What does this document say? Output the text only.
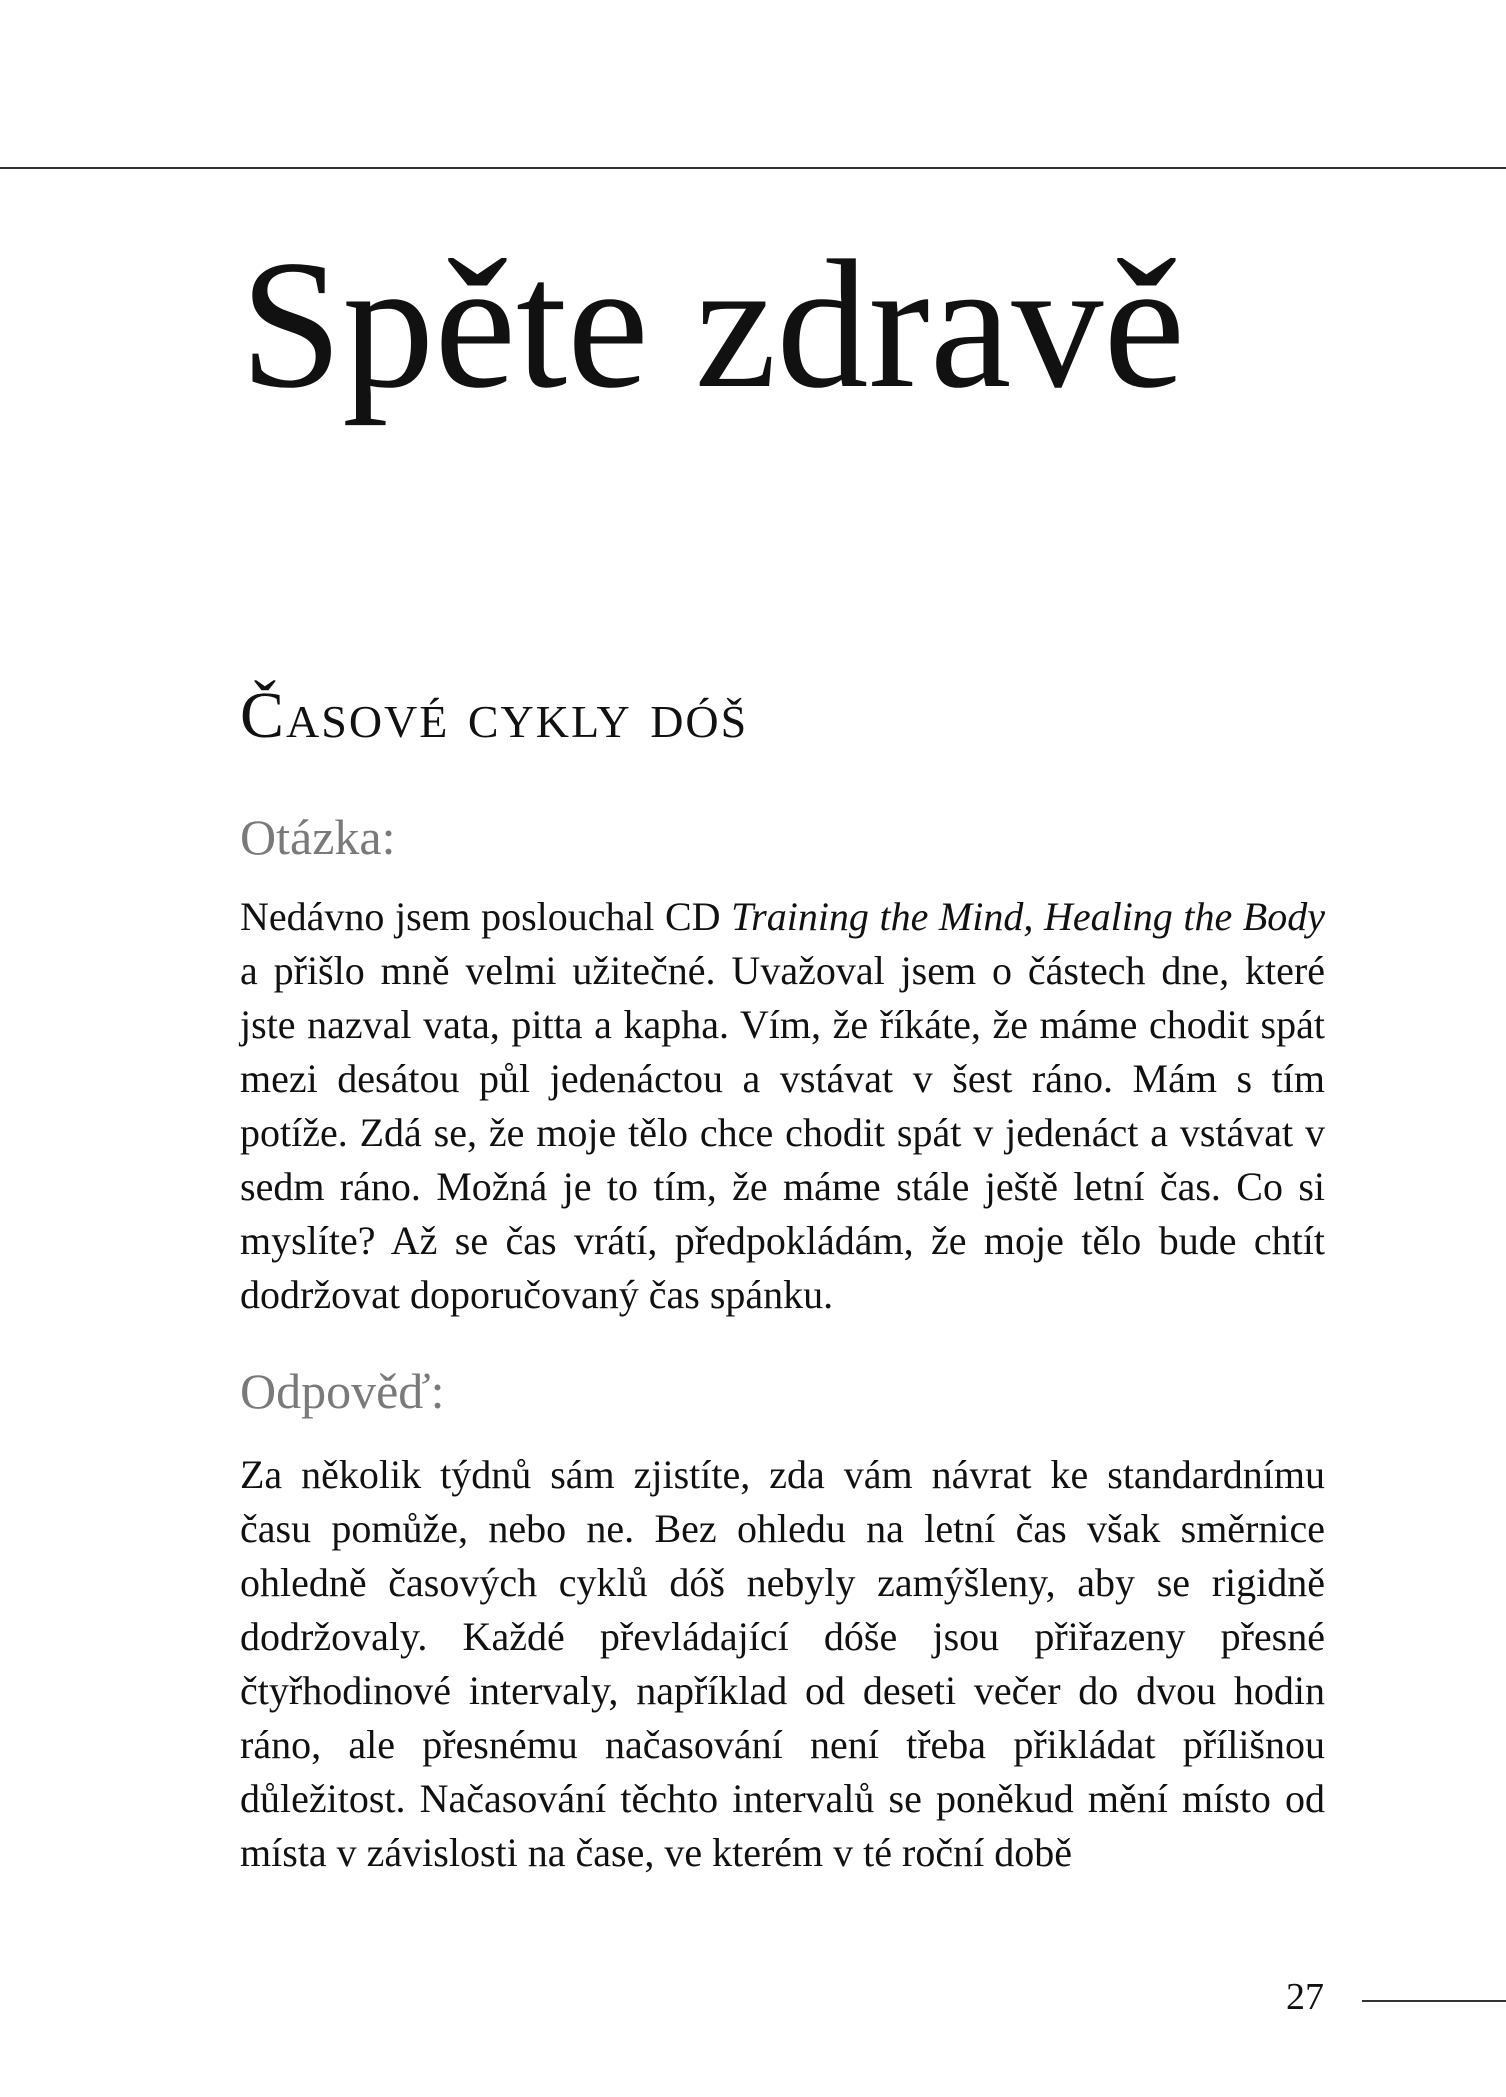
Spěte zdravě
Časové cykly dóš
Otázka:

Nedávno jsem poslouchal CD Training the Mind, Healing the Body a přišlo mně velmi užitečné. Uvažoval jsem o částech dne, které jste nazval vata, pitta a kapha. Vím, že říkáte, že máme chodit spát mezi desátou půl jedenáctou a vstávat v šest ráno. Mám s tím potíže. Zdá se, že moje tělo chce chodit spát v jedenáct a vstávat v sedm ráno. Možná je to tím, že máme stále ještě letní čas. Co si myslíte? Až se čas vrátí, předpokládám, že moje tělo bude chtít dodržovat doporučovaný čas spánku.

Odpověď:

Za několik týdnů sám zjistíte, zda vám návrat ke standardnímu času pomůže, nebo ne. Bez ohledu na letní čas však směrnice ohledně časových cyklů dóš nebyly zamýšleny, aby se rigidně dodržovaly. Každé převládající dóše jsou přiřazeny přesné čtyřhodinové intervaly, například od deseti večer do dvou hodin ráno, ale přesnému načasování není třeba přikládat přílišnou důležitost. Načasování těchto intervalů se poněkud mění místo od místa v závislosti na čase, ve kterém v té roční době

27
